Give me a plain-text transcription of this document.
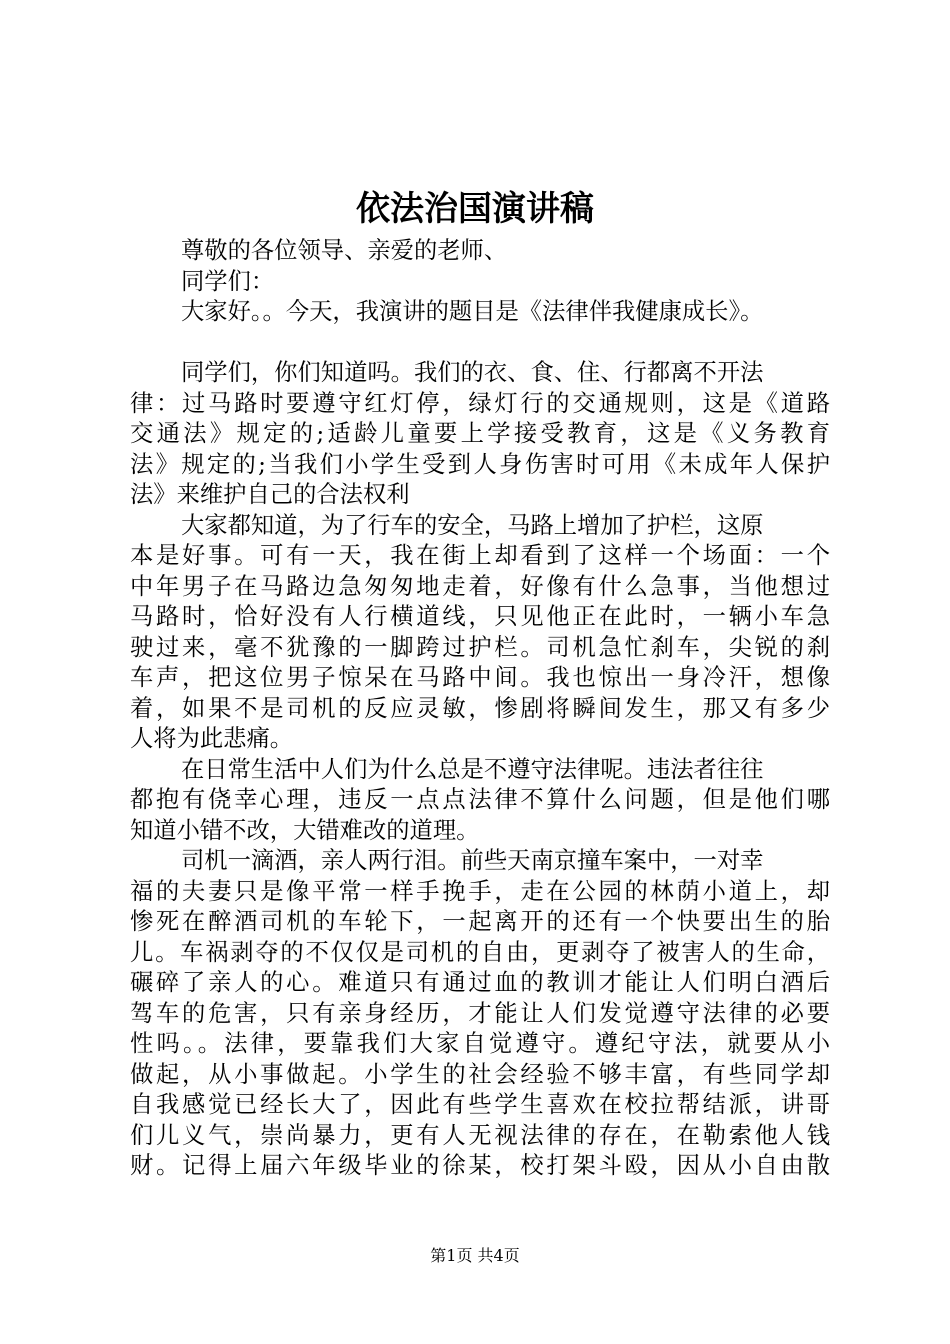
依法治国演讲稿
尊敬的各位领导、亲爱的老师、
同学们：
大家好。。今天，我演讲的题目是《法律伴我健康成长》。
同学们，你们知道吗。我们的衣、食、住、行都离不开法
律：过马路时要遵守红灯停，绿灯行的交通规则，这是《道路
交通法》规定的;适龄儿童要上学接受教育，这是《义务教育
法》规定的;当我们小学生受到人身伤害时可用《未成年人保护
法》来维护自己的合法权利
大家都知道，为了行车的安全，马路上增加了护栏，这原
本是好事。可有一天，我在街上却看到了这样一个场面：一个
中年男子在马路边急匆匆地走着，好像有什么急事，当他想过
马路时，恰好没有人行横道线，只见他正在此时，一辆小车急
驶过来，毫不犹豫的一脚跨过护栏。司机急忙刹车，尖锐的刹
车声，把这位男子惊呆在马路中间。我也惊出一身冷汗，想像
着，如果不是司机的反应灵敏，惨剧将瞬间发生，那又有多少
人将为此悲痛。
在日常生活中人们为什么总是不遵守法律呢。违法者往往
都抱有侥幸心理，违反一点点法律不算什么问题，但是他们哪
知道小错不改，大错难改的道理。
司机一滴酒，亲人两行泪。前些天南京撞车案中，一对幸
福的夫妻只是像平常一样手挽手，走在公园的林荫小道上，却
惨死在醉酒司机的车轮下，一起离开的还有一个快要出生的胎
儿。车祸剥夺的不仅仅是司机的自由，更剥夺了被害人的生命，
碾碎了亲人的心。难道只有通过血的教训才能让人们明白酒后
驾车的危害，只有亲身经历，才能让人们发觉遵守法律的必要
性吗。。法律，要靠我们大家自觉遵守。遵纪守法，就要从小
做起，从小事做起。小学生的社会经验不够丰富，有些同学却
自我感觉已经长大了，因此有些学生喜欢在校拉帮结派，讲哥
们儿义气，崇尚暴力，更有人无视法律的存在，在勒索他人钱
财。记得上届六年级毕业的徐某，校打架斗殴，因从小自由散
第1页 共4页
